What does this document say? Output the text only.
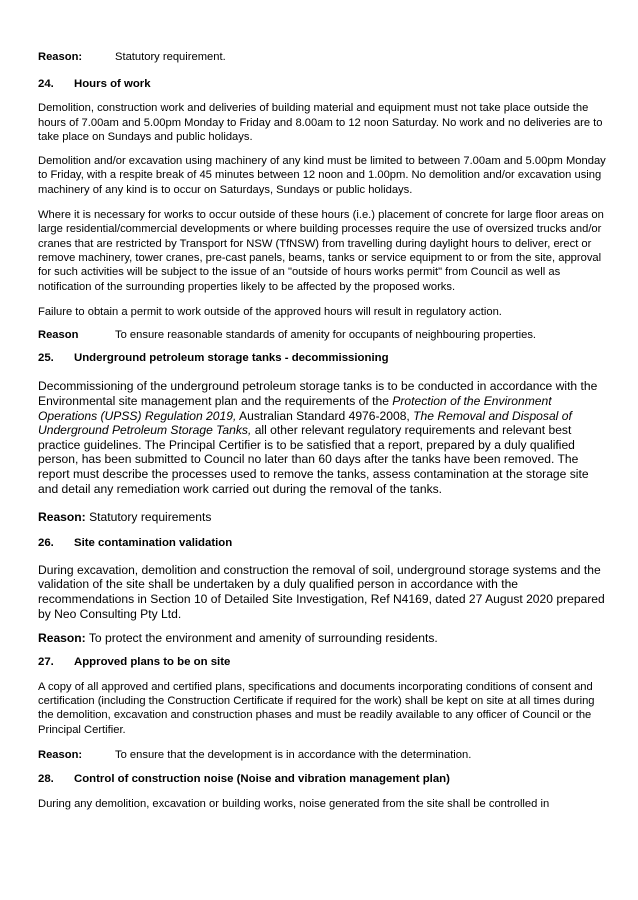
Reason:	Statutory requirement.

24. Hours of work

Demolition, construction work and deliveries of building material and equipment must not take place outside the hours of 7.00am and 5.00pm Monday to Friday and 8.00am to 12 noon Saturday. No work and no deliveries are to take place on Sundays and public holidays.

Demolition and/or excavation using machinery of any kind must be limited to between 7.00am and 5.00pm Monday to Friday, with a respite break of 45 minutes between 12 noon and 1.00pm. No demolition and/or excavation using machinery of any kind is to occur on Saturdays, Sundays or public holidays.

Where it is necessary for works to occur outside of these hours (i.e.) placement of concrete for large floor areas on large residential/commercial developments or where building processes require the use of oversized trucks and/or cranes that are restricted by Transport for NSW (TfNSW) from travelling during daylight hours to deliver, erect or remove machinery, tower cranes, pre-cast panels, beams, tanks or service equipment to or from the site, approval for such activities will be subject to the issue of an "outside of hours works permit" from Council as well as notification of the surrounding properties likely to be affected by the proposed works.

Failure to obtain a permit to work outside of the approved hours will result in regulatory action.

Reason	To ensure reasonable standards of amenity for occupants of neighbouring properties.

25. Underground petroleum storage tanks - decommissioning

Decommissioning of the underground petroleum storage tanks is to be conducted in accordance with the Environmental site management plan and the requirements of the Protection of the Environment Operations (UPSS) Regulation 2019, Australian Standard 4976-2008, The Removal and Disposal of Underground Petroleum Storage Tanks, all other relevant regulatory requirements and relevant best practice guidelines. The Principal Certifier is to be satisfied that a report, prepared by a duly qualified person, has been submitted to Council no later than 60 days after the tanks have been removed. The report must describe the processes used to remove the tanks, assess contamination at the storage site and detail any remediation work carried out during the removal of the tanks.

Reason: Statutory requirements

26. Site contamination validation

During excavation, demolition and construction the removal of soil, underground storage systems and the validation of the site shall be undertaken by a duly qualified person in accordance with the recommendations in Section 10 of Detailed Site Investigation, Ref N4169, dated 27 August 2020 prepared by Neo Consulting Pty Ltd.

Reason: To protect the environment and amenity of surrounding residents.

27. Approved plans to be on site

A copy of all approved and certified plans, specifications and documents incorporating conditions of consent and certification (including the Construction Certificate if required for the work) shall be kept on site at all times during the demolition, excavation and construction phases and must be readily available to any officer of Council or the Principal Certifier.

Reason:	To ensure that the development is in accordance with the determination.

28. Control of construction noise (Noise and vibration management plan)

During any demolition, excavation or building works, noise generated from the site shall be controlled in
